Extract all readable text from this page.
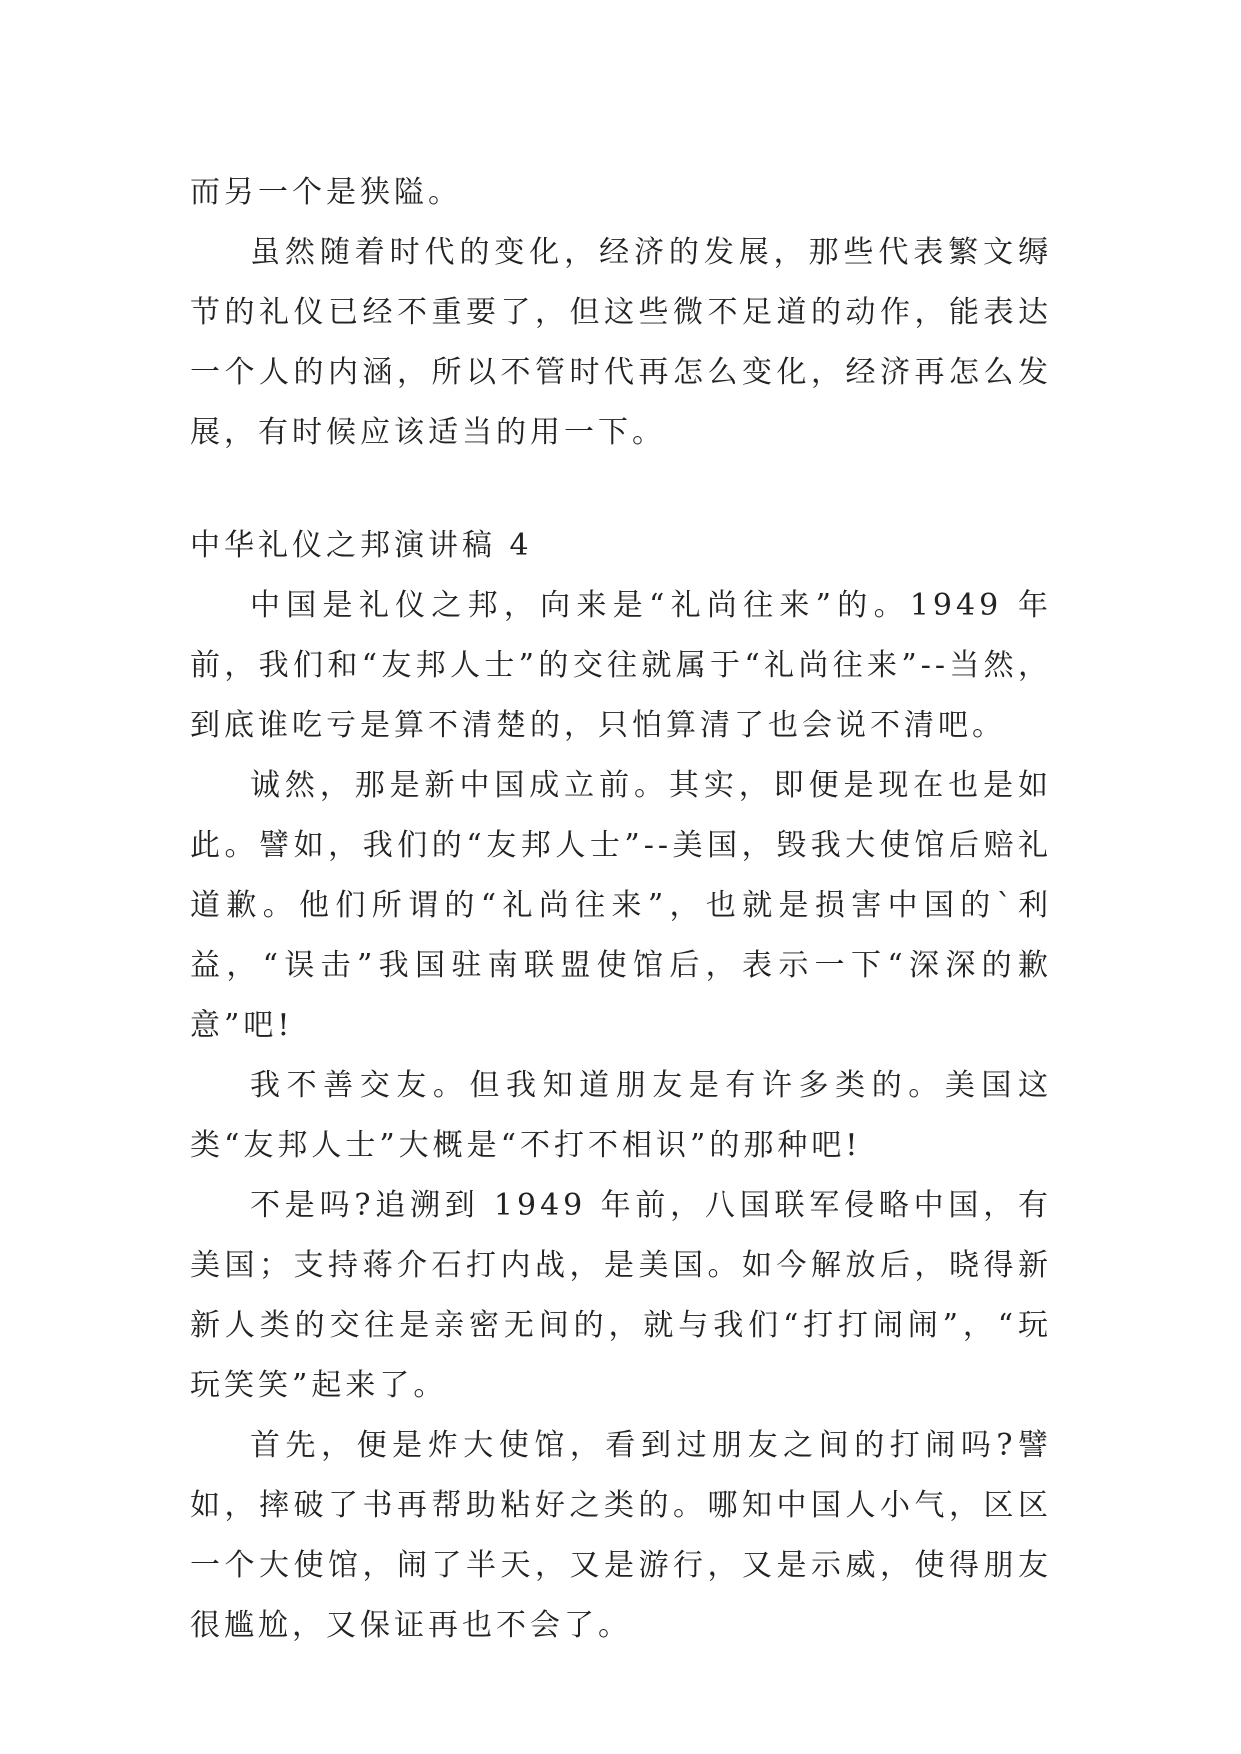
而另一个是狭隘。

虽然随着时代的变化，经济的发展，那些代表繁文缛节的礼仪已经不重要了，但这些微不足道的动作，能表达一个人的内涵，所以不管时代再怎么变化，经济再怎么发展，有时候应该适当的用一下。

中华礼仪之邦演讲稿 4

中国是礼仪之邦，向来是“礼尚往来”的。1949 年前，我们和“友邦人士”的交往就属于“礼尚往来”--当然，到底谁吃亏是算不清楚的，只怕算清了也会说不清吧。

诚然，那是新中国成立前。其实，即便是现在也是如此。譬如，我们的“友邦人士”--美国，毁我大使馆后赔礼道歉。他们所谓的“礼尚往来”，也就是损害中国的`利益，“误击”我国驻南联盟使馆后，表示一下“深深的歉意”吧!

我不善交友。但我知道朋友是有许多类的。美国这类“友邦人士”大概是“不打不相识”的那种吧!

不是吗?追溯到 1949 年前，八国联军侵略中国，有美国；支持蒋介石打内战，是美国。如今解放后，晓得新新人类的交往是亲密无间的，就与我们“打打闹闹”，“玩玩笑笑”起来了。

首先，便是炸大使馆，看到过朋友之间的打闹吗?譬如，摔破了书再帮助粘好之类的。哪知中国人小气，区区一个大使馆，闹了半天，又是游行，又是示威，使得朋友很尴尬，又保证再也不会了。
